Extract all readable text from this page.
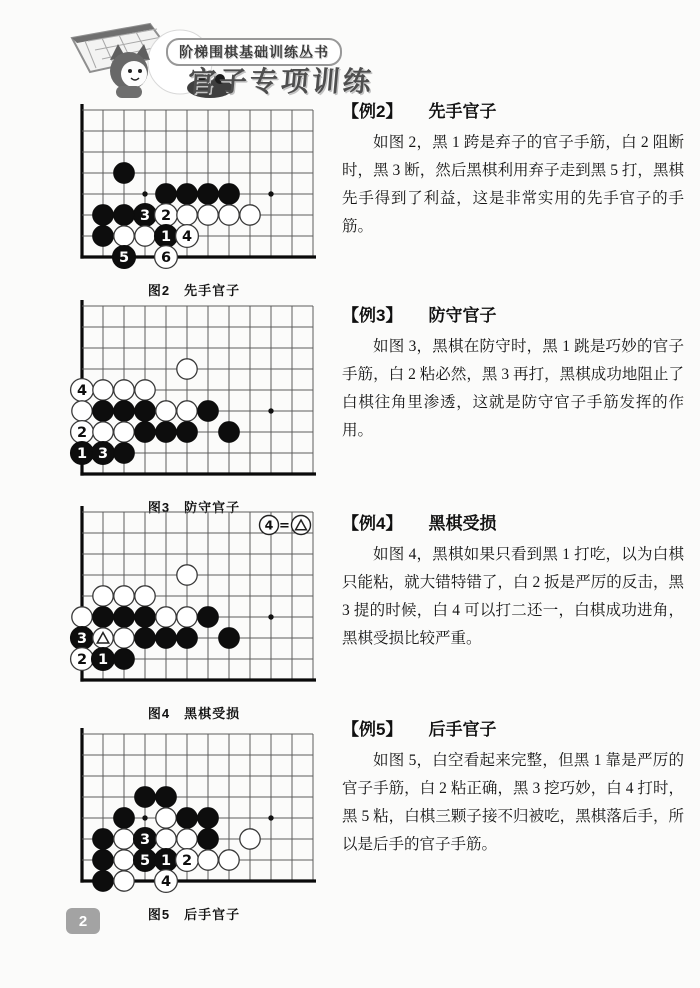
阶梯围棋基础训练丛书
官子专项训练
3 2
1 4
5 6
图2　先手官子
4
2
1 3
图3　防守官子
3
2 1
4 =
图4　黑棋受损
3
5 1 2
4
图5　后手官子
【例2】 先手官子

如图 2，黑 1 跨是弃子的官子手筋，白 2 阻断时，黑 3 断，然后黑棋利用弃子走到黑 5 打，黑棋先手得到了利益，这是非常实用的先手官子的手筋。

【例3】 防守官子

如图 3，黑棋在防守时，黑 1 跳是巧妙的官子手筋，白 2 粘必然，黑 3 再打，黑棋成功地阻止了白棋往角里渗透，这就是防守官子手筋发挥的作用。

【例4】 黑棋受损

如图 4，黑棋如果只看到黑 1 打吃，以为白棋只能粘，就大错特错了，白 2 扳是严厉的反击，黑 3 提的时候，白 4 可以打二还一，白棋成功进角，黑棋受损比较严重。

【例5】 后手官子

如图 5，白空看起来完整，但黑 1 靠是严厉的官子手筋，白 2 粘正确，黑 3 挖巧妙，白 4 打时，黑 5 粘，白棋三颗子接不归被吃，黑棋落后手，所以是后手的官子手筋。

2
